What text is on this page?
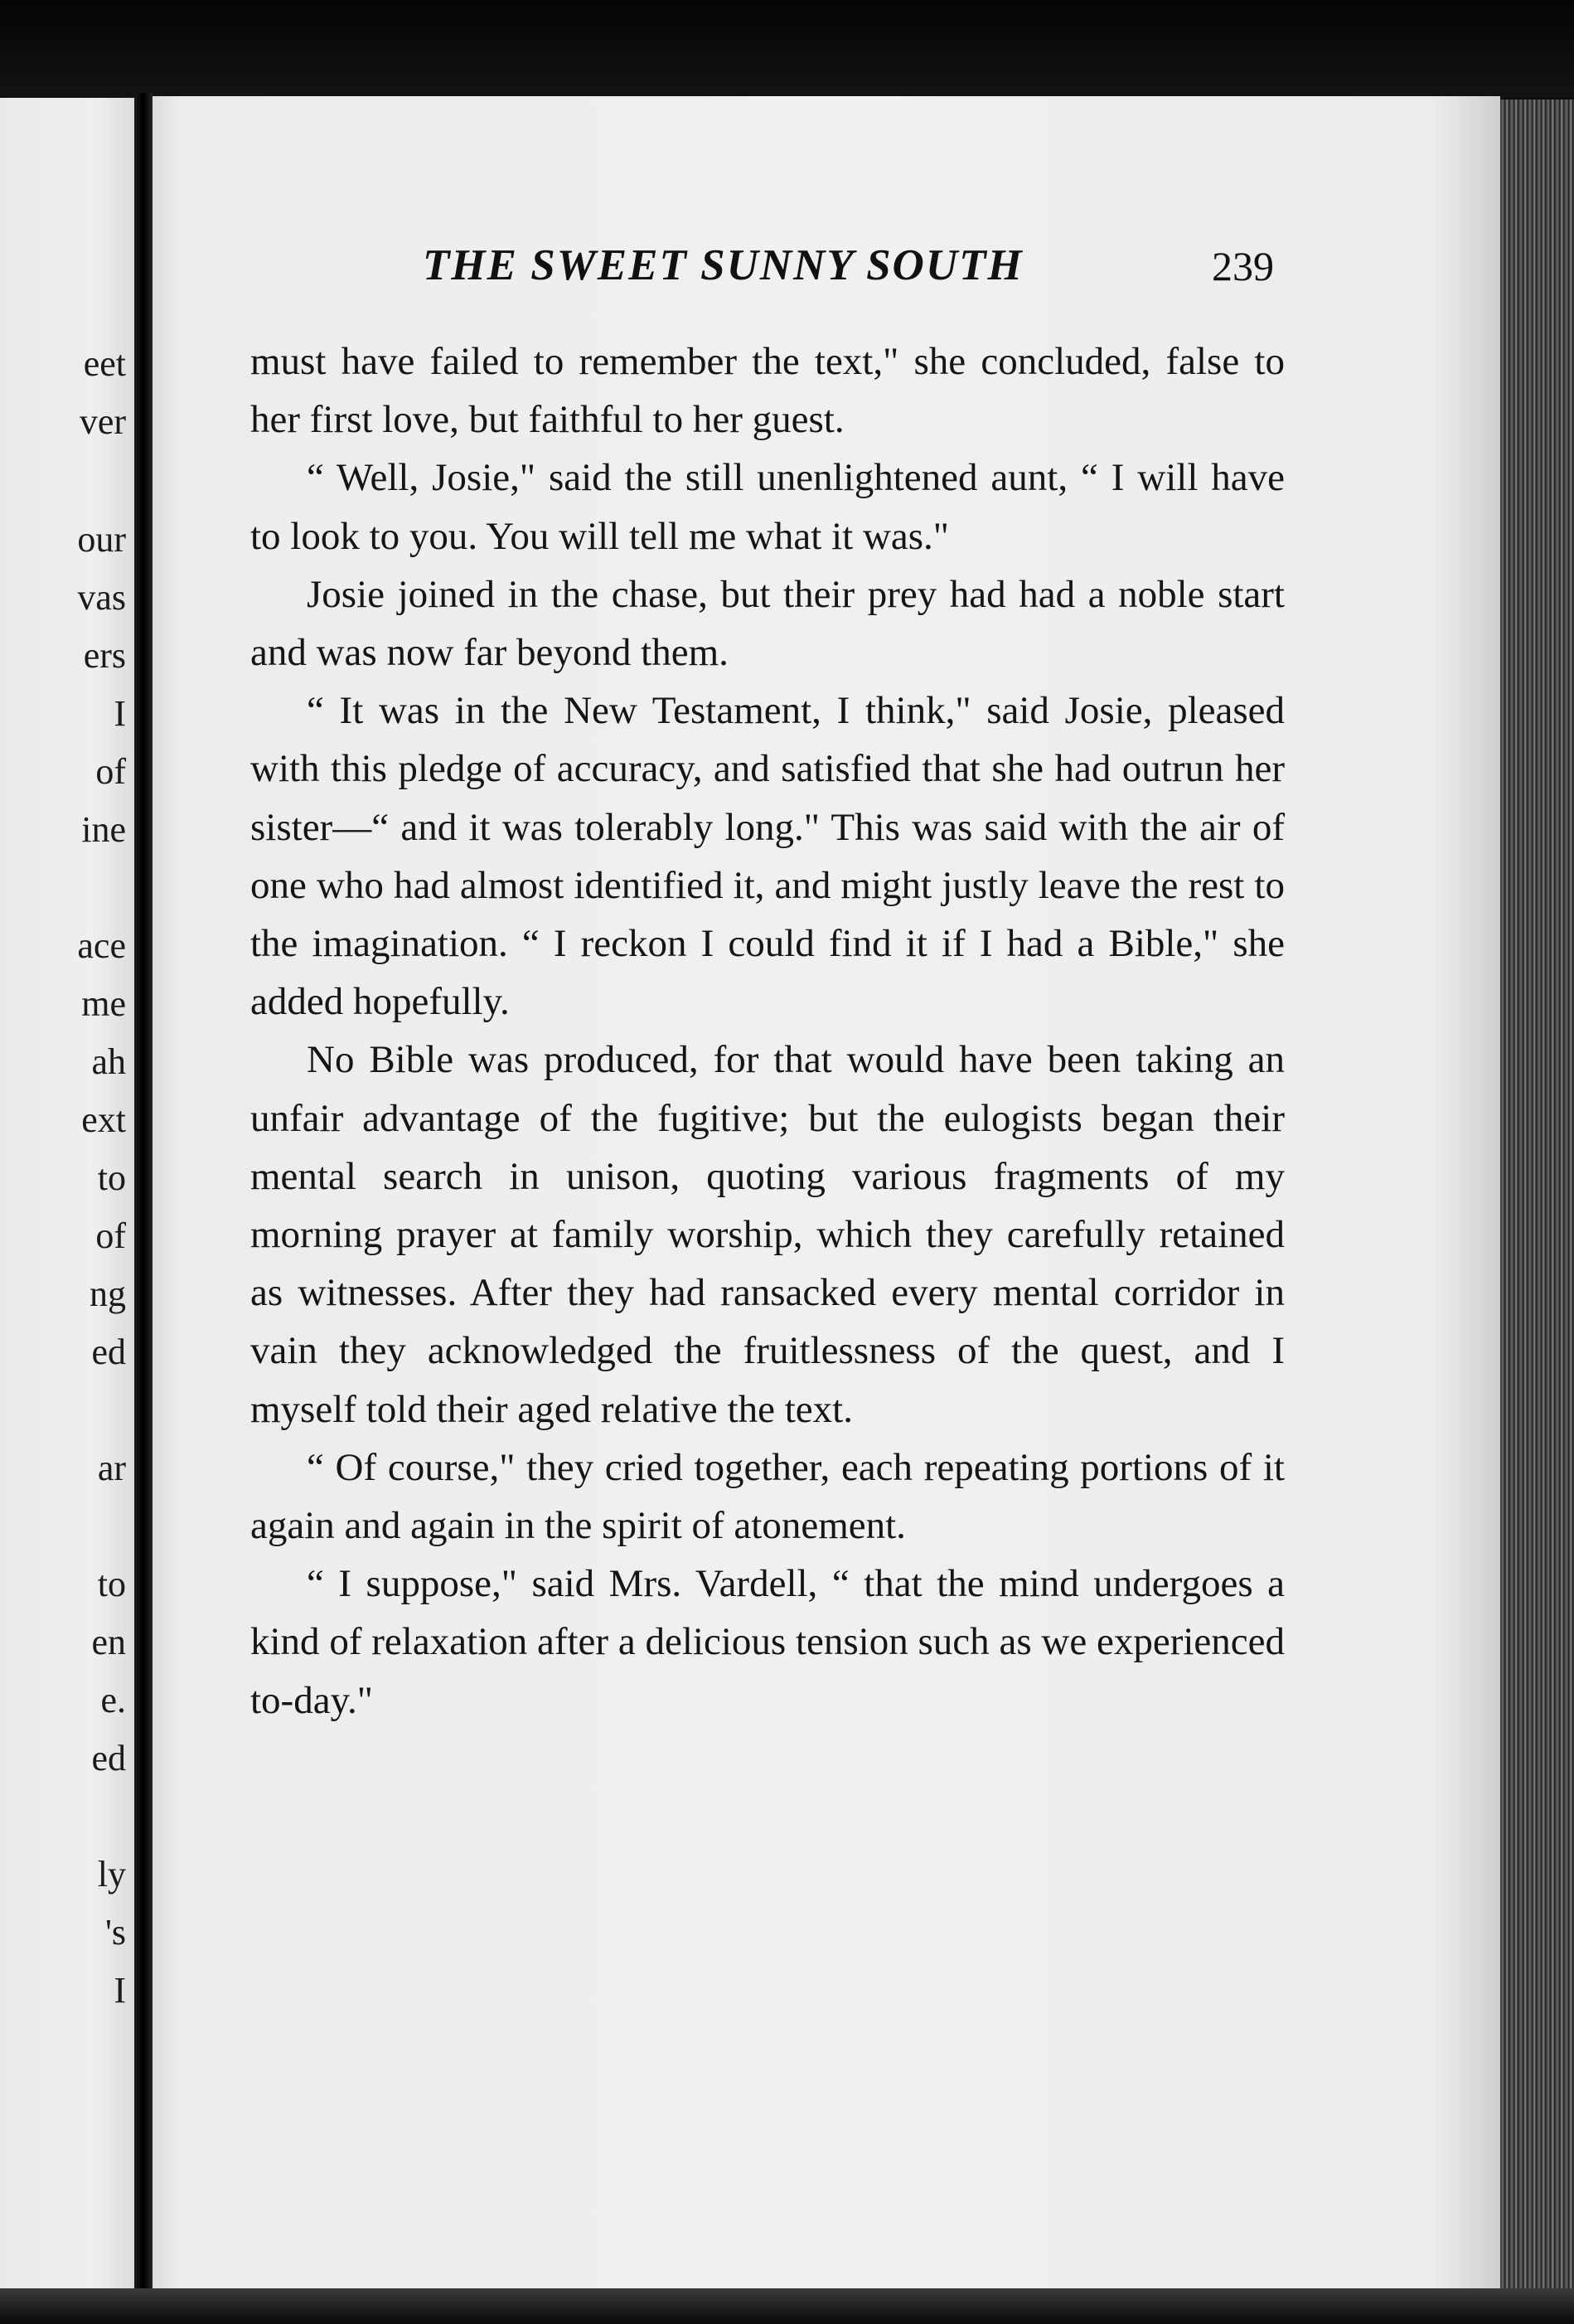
eet

ver

our

vas

ers

I

of

ine

ace

me

ah

ext

to

of

ng

ed

ar

to

en

e.

ed

ly

's

I

THE SWEET SUNNY SOUTH	239

must have failed to remember the text," she concluded, false to her first love, but faithful to her guest.

“ Well, Josie," said the still unenlightened aunt, “ I will have to look to you. You will tell me what it was."

Josie joined in the chase, but their prey had had a noble start and was now far beyond them.

“ It was in the New Testament, I think," said Josie, pleased with this pledge of accuracy, and satisfied that she had outrun her sister—“ and it was tolerably long." This was said with the air of one who had almost identified it, and might justly leave the rest to the imagination. “ I reckon I could find it if I had a Bible," she added hopefully.

No Bible was produced, for that would have been taking an unfair advantage of the fugitive; but the eulogists began their mental search in unison, quoting various fragments of my morning prayer at family worship, which they carefully retained as witnesses. After they had ransacked every mental corridor in vain they acknowledged the fruitlessness of the quest, and I myself told their aged relative the text.

“ Of course," they cried together, each repeating portions of it again and again in the spirit of atonement.

“ I suppose," said Mrs. Vardell, “ that the mind undergoes a kind of relaxation after a delicious tension such as we experienced to-day."
